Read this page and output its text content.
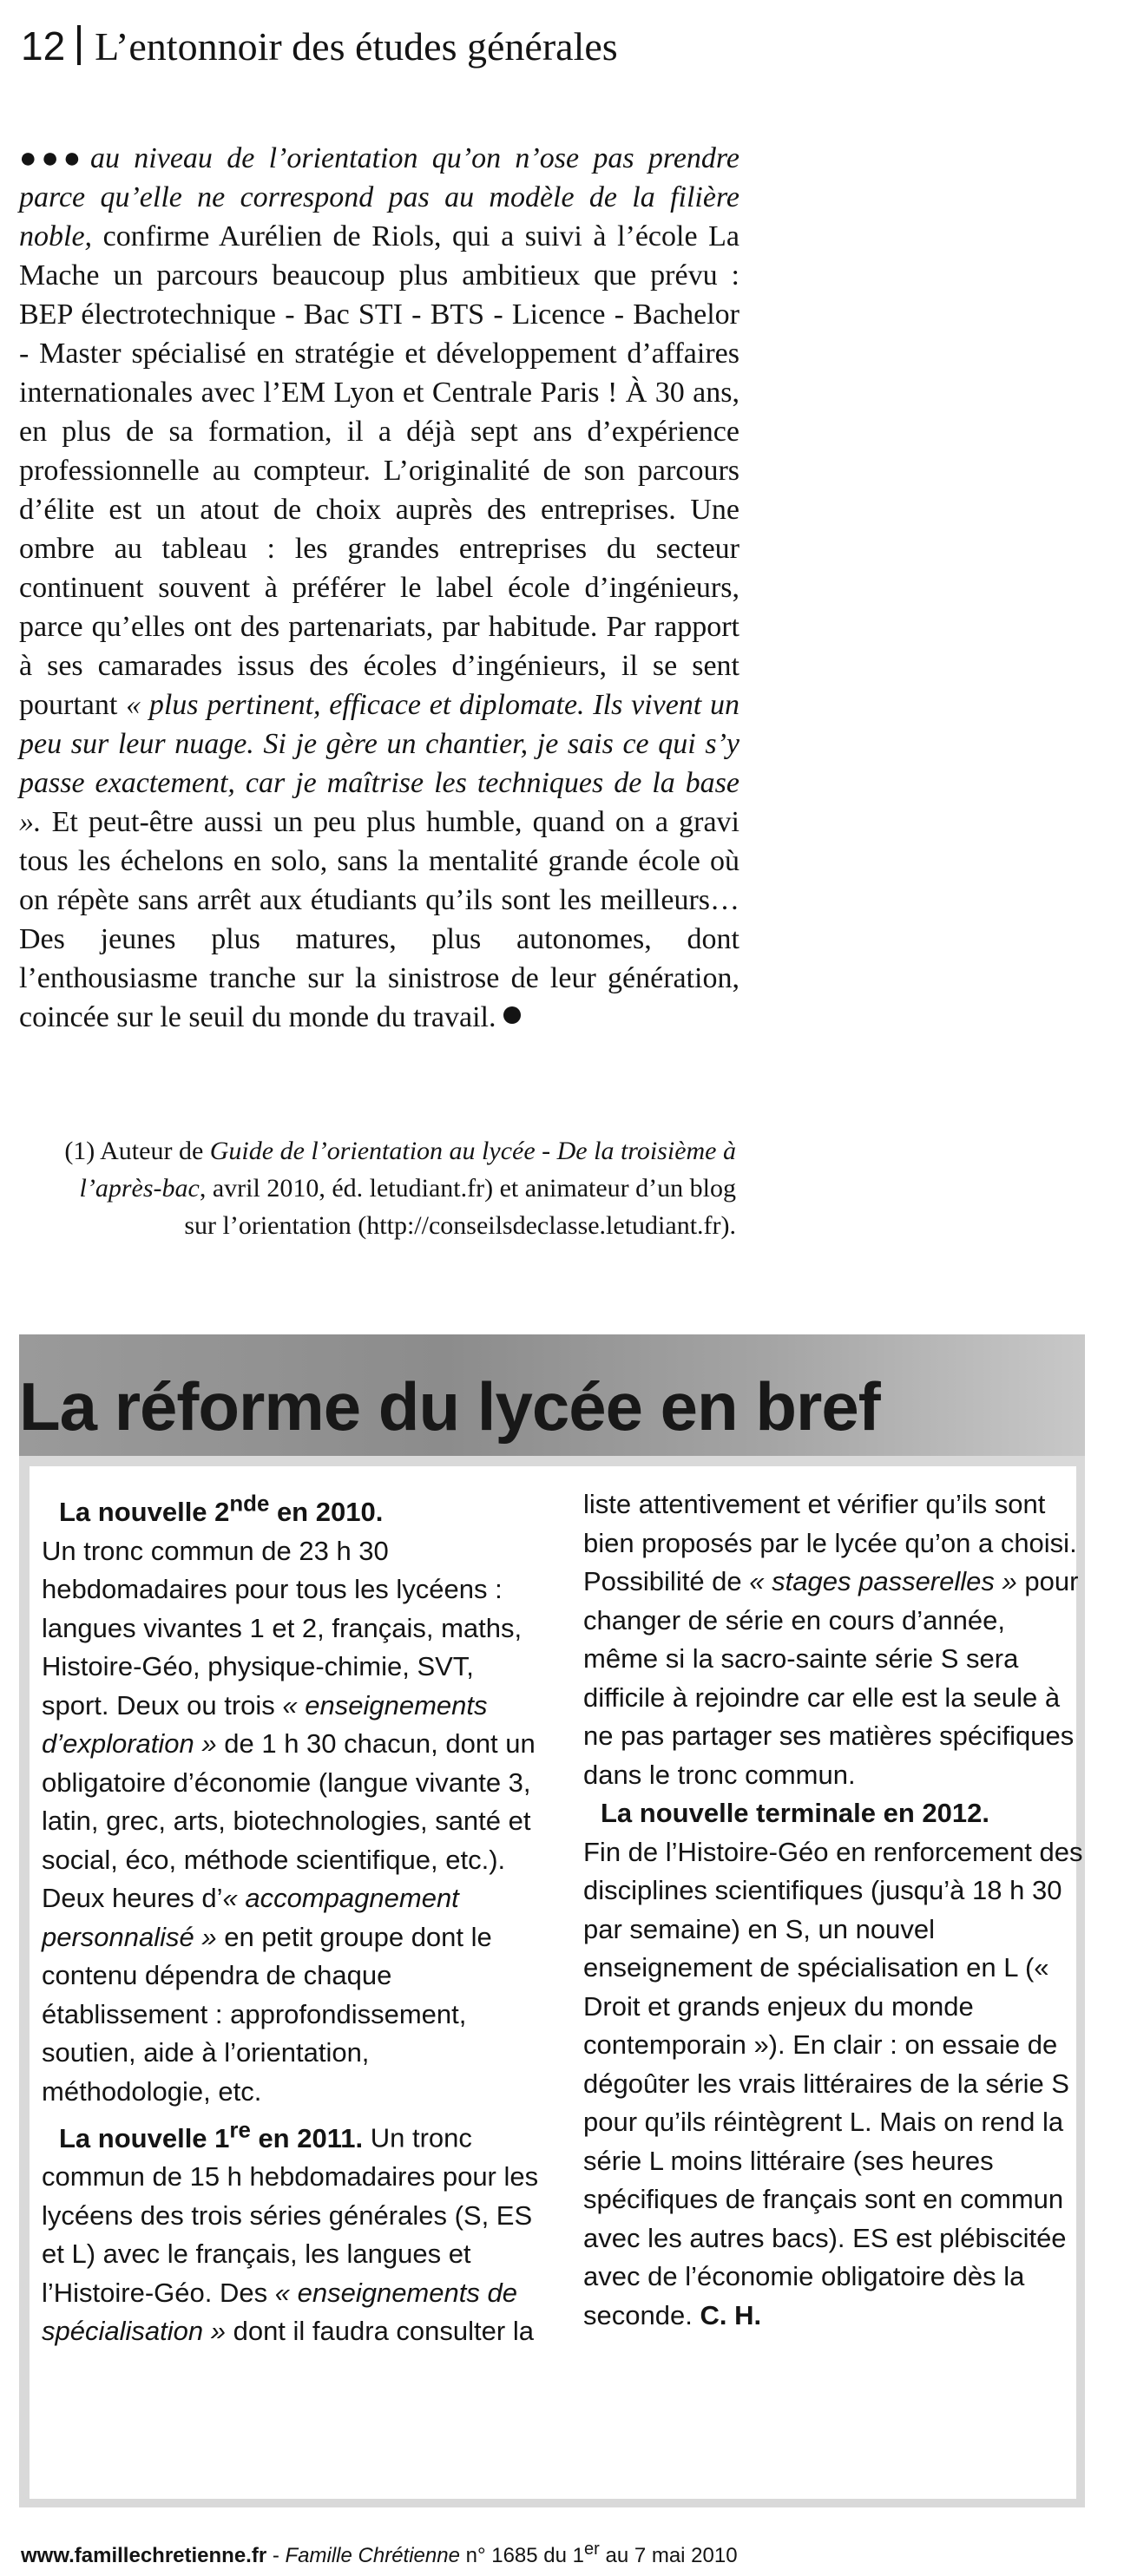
12 L’entonnoir des études générales

●●● au niveau de l’orientation qu’on n’ose pas prendre parce qu’elle ne correspond pas au modèle de la filière noble, confirme Aurélien de Riols, qui a suivi à l’école La Mache un parcours beaucoup plus ambitieux que prévu : BEP électrotechnique - Bac STI - BTS - Licence - Bachelor - Master spécialisé en stratégie et développement d’affaires internationales avec l’EM Lyon et Centrale Paris ! À 30 ans, en plus de sa formation, il a déjà sept ans d’expérience professionnelle au compteur. L’originalité de son parcours d’élite est un atout de choix auprès des entreprises. Une ombre au tableau : les grandes entreprises du secteur continuent souvent à préférer le label école d’ingénieurs, parce qu’elles ont des partenariats, par habitude. Par rapport à ses camarades issus des écoles d’ingénieurs, il se sent pourtant « plus pertinent, efficace et diplomate. Ils vivent un peu sur leur nuage. Si je gère un chantier, je sais ce qui s’y passe exactement, car je maîtrise les techniques de la base ». Et peut-être aussi un peu plus humble, quand on a gravi tous les échelons en solo, sans la mentalité grande école où on répète sans arrêt aux étudiants qu’ils sont les meilleurs… Des jeunes plus matures, plus autonomes, dont l’enthousiasme tranche sur la sinistrose de leur génération, coincée sur le seuil du monde du travail.

(1) Auteur de Guide de l’orientation au lycée - De la troisième à l’après-bac, avril 2010, éd. letudiant.fr) et animateur d’un blog sur l’orientation (http://conseilsdeclasse.letudiant.fr).
La réforme du lycée en bref

La nouvelle 2nde en 2010.
Un tronc commun de 23 h 30 hebdomadaires pour tous les lycéens : langues vivantes 1 et 2, français, maths, Histoire-Géo, physique-chimie, SVT, sport. Deux ou trois « enseignements d’exploration » de 1 h 30 chacun, dont un obligatoire d’économie (langue vivante 3, latin, grec, arts, biotechnologies, santé et social, éco, méthode scientifique, etc.). Deux heures d’« accompagnement personnalisé » en petit groupe dont le contenu dépendra de chaque établissement : approfondissement, soutien, aide à l’orientation, méthodologie, etc.

La nouvelle 1re en 2011. Un tronc commun de 15 h hebdomadaires pour les lycéens des trois séries générales (S, ES et L) avec le français, les langues et l’Histoire-Géo. Des « enseignements de spécialisation » dont il faudra consulter la

liste attentivement et vérifier qu’ils sont bien proposés par le lycée qu’on a choisi. Possibilité de « stages passerelles » pour changer de série en cours d’année, même si la sacro-sainte série S sera difficile à rejoindre car elle est la seule à ne pas partager ses matières spécifiques dans le tronc commun.

La nouvelle terminale en 2012.
Fin de l’Histoire-Géo en renforcement des disciplines scientifiques (jusqu’à 18 h 30 par semaine) en S, un nouvel enseignement de spécialisation en L (« Droit et grands enjeux du monde contemporain »). En clair : on essaie de dégoûter les vrais littéraires de la série S pour qu’ils réintègrent L. Mais on rend la série L moins littéraire (ses heures spécifiques de français sont en commun avec les autres bacs). ES est plébiscitée avec de l’économie obligatoire dès la seconde. C. H.

www.famillechretienne.fr - Famille Chrétienne n° 1685 du 1er au 7 mai 2010
